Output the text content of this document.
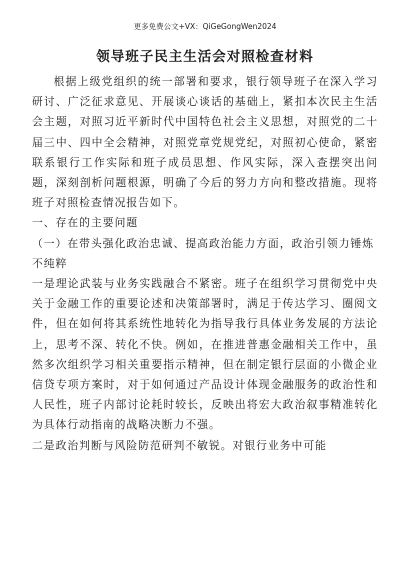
更多免费公文+VX：QiGeGongWen2024
领导班子民主生活会对照检查材料

根据上级党组织的统一部署和要求，银行领导班子在深入学习研讨、广泛征求意见、开展谈心谈话的基础上，紧扣本次民主生活会主题，对照习近平新时代中国特色社会主义思想，对照党的二十届三中、四中全会精神，对照党章党规党纪，对照初心使命，紧密联系银行工作实际和班子成员思想、作风实际，深入查摆突出问题，深刻剖析问题根源，明确了今后的努力方向和整改措施。现将班子对照检查情况报告如下。

一、存在的主要问题

（一）在带头强化政治忠诚、提高政治能力方面，政治引领力锤炼不纯粹

一是理论武装与业务实践融合不紧密。班子在组织学习贯彻党中央关于金融工作的重要论述和决策部署时，满足于传达学习、圈阅文件，但在如何将其系统性地转化为指导我行具体业务发展的方法论上，思考不深、转化不快。例如，在推进普惠金融相关工作中，虽然多次组织学习相关重要指示精神，但在制定银行层面的小微企业信贷专项方案时，对于如何通过产品设计体现金融服务的政治性和人民性，班子内部讨论耗时较长，反映出将宏大政治叙事精准转化为具体行动指南的战略决断力不强。

二是政治判断与风险防范研判不敏锐。对银行业务中可能
